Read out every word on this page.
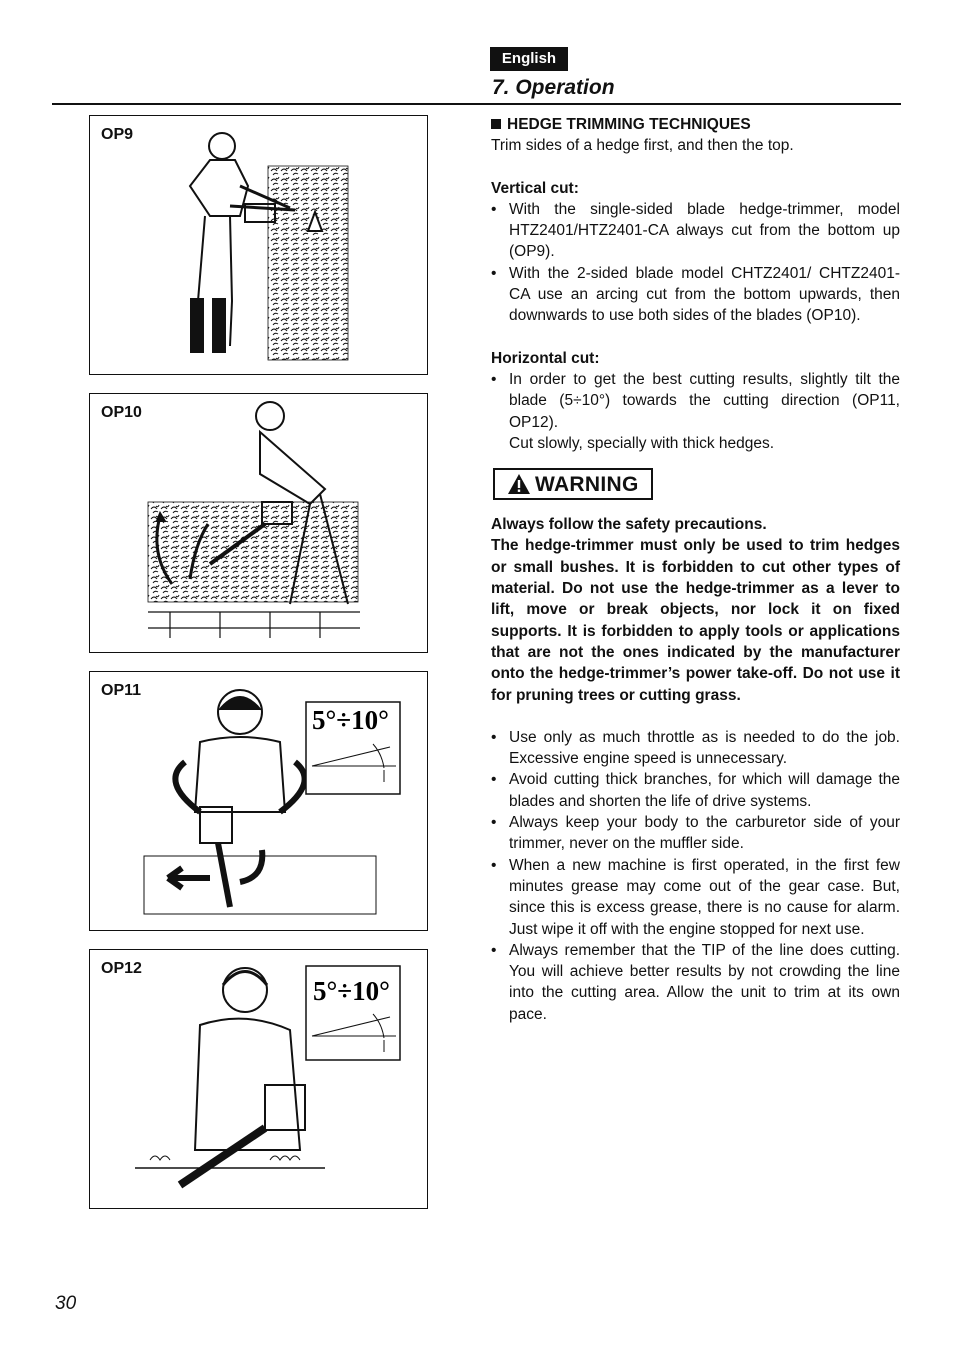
English
7. Operation
OP9
OP10
OP11
5°÷10°
OP12
5°÷10°

HEDGE TRIMMING TECHNIQUES

Trim sides of a hedge first, and then the top.

Vertical cut:

• With the single-sided blade hedge-trimmer, model HTZ2401/HTZ2401-CA always cut from the bottom up (OP9).
• With the 2-sided blade model CHTZ2401/ CHTZ2401-CA use an arcing cut from the bottom upwards, then downwards to use both sides of the blades (OP10).

Horizontal cut:

• In order to get the best cutting results, slightly tilt the blade (5÷10°) towards the cutting direction (OP11, OP12).
Cut slowly, specially with thick hedges.
WARNING

Always follow the safety precautions.

The hedge-trimmer must only be used to trim hedges or small bushes. It is forbidden to cut other types of material. Do not use the hedge-trimmer as a lever to lift, move or break objects, nor lock it on fixed supports. It is forbidden to apply tools or applications that are not the ones indicated by the manufacturer onto the hedge-trimmer’s power take-off. Do not use it for pruning trees or cutting grass.

• Use only as much throttle as is needed to do the job. Excessive engine speed is unnecessary.
• Avoid cutting thick branches, for which will damage the blades and shorten the life of drive systems.
• Always keep your body to the carburetor side of your trimmer, never on the muffler side.
• When a new machine is first operated, in the first few minutes grease may come out of the gear case. But, since this is excess grease, there is no cause for alarm. Just wipe it off with the engine stopped for next use.
• Always remember that the TIP of the line does cutting. You will achieve better results by not crowding the line into the cutting area. Allow the unit to trim at its own pace.
30
